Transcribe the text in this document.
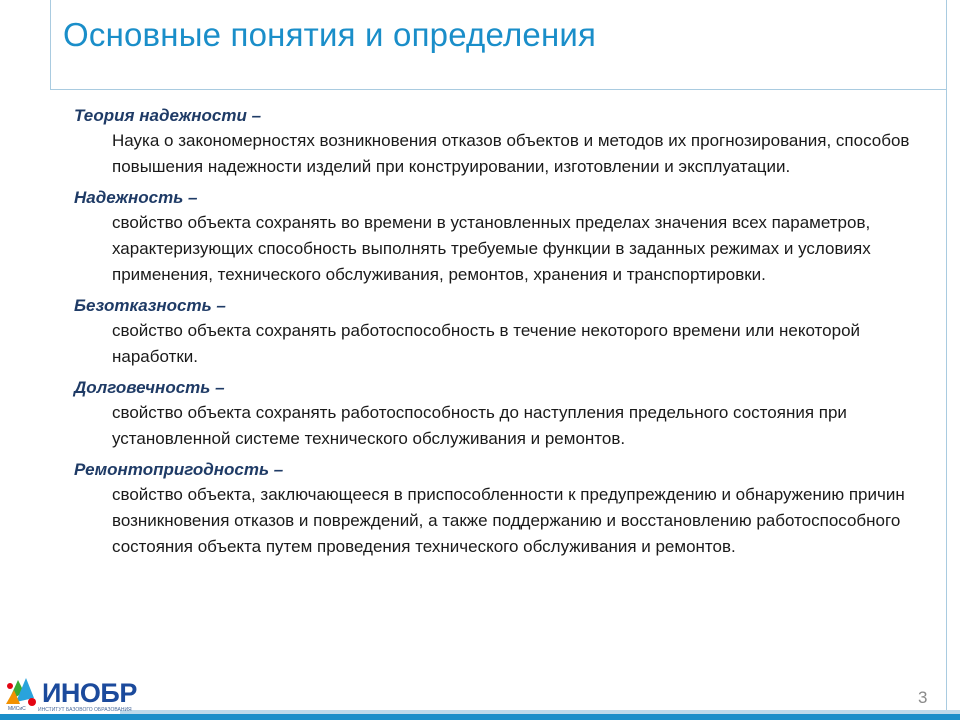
Основные понятия и определения
Теория надежности –
Наука о закономерностях возникновения отказов объектов и методов их прогнозирования, способов повышения надежности изделий при конструировании, изготовлении и эксплуатации.
Надежность –
свойство объекта сохранять во времени в установленных пределах значения всех параметров, характеризующих способность выполнять требуемые функции в заданных режимах и условиях применения, технического обслуживания, ремонтов, хранения и транспортировки.
Безотказность –
свойство объекта сохранять работоспособность в течение некоторого времени или некоторой наработки.
Долговечность –
свойство объекта сохранять работоспособность до наступления предельного состояния при установленной системе технического обслуживания и ремонтов.
Ремонтопригодность –
свойство объекта, заключающееся в приспособленности к предупреждению и обнаружению причин возникновения отказов и повреждений, а также поддержанию и восстановлению работоспособного состояния объекта путем проведения технического обслуживания и ремонтов.
ИНОБР
МИСиС ИНСТИТУТ БАЗОВОГО ОБРАЗОВАНИЯ
3
